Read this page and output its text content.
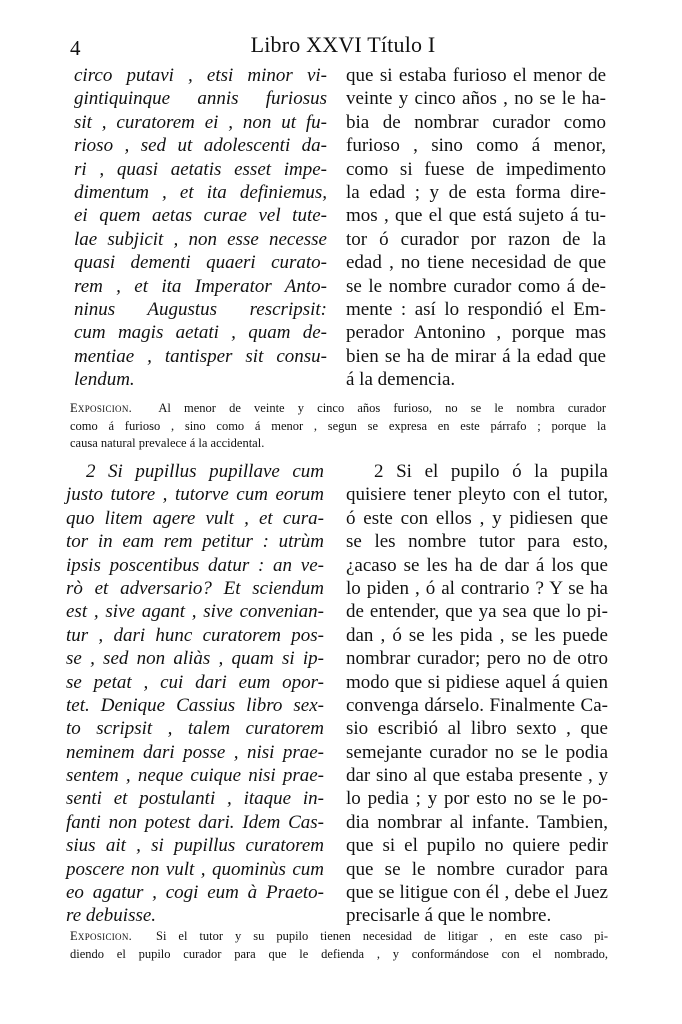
4	Libro XXVI Título I
circo putavi , etsi minor vi-
gintiquinque annis furiosus
sit , curatorem ei , non ut fu-
rioso , sed ut adolescenti da-
ri , quasi aetatis esset impe-
dimentum , et ita definiemus,
ei quem aetas curae vel tute-
lae subjicit , non esse necesse
quasi dementi quaeri curato-
rem , et ita Imperator Anto-
ninus Augustus rescripsit:
cum magis aetati , quam de-
mentiae , tantisper sit consu-
lendum.
que si estaba furioso el menor de
veinte y cinco años , no se le ha-
bia de nombrar curador como
furioso , sino como á menor,
como si fuese de impedimento
la edad ; y de esta forma dire-
mos , que el que está sujeto á tu-
tor ó curador por razon de la
edad , no tiene necesidad de que
se le nombre curador como á de-
mente : así lo respondió el Em-
perador Antonino , porque mas
bien se ha de mirar á la edad que
á la demencia.
Exposicion. Al menor de veinte y cinco años furioso, no se le nombra curador
como á furioso , sino como á menor , segun se expresa en este párrafo ; porque la
causa natural prevalece á la accidental.
2 Si pupillus pupillave cum
justo tutore , tutorve cum eorum
quo litem agere vult , et cura-
tor in eam rem petitur : utrùm
ipsis poscentibus datur : an ve-
rò et adversario? Et sciendum
est , sive agant , sive convenian-
tur , dari hunc curatorem pos-
se , sed non aliàs , quam si ip-
se petat , cui dari eum opor-
tet. Denique Cassius libro sex-
to scripsit , talem curatorem
neminem dari posse , nisi prae-
sentem , neque cuique nisi prae-
senti et postulanti , itaque in-
fanti non potest dari. Idem Cas-
sius ait , si pupillus curatorem
poscere non vult , quominùs cum
eo agatur , cogi eum à Praeto-
re debuisse.
2 Si el pupilo ó la pupila
quisiere tener pleyto con el tutor,
ó este con ellos , y pidiesen que
se les nombre tutor para esto,
¿acaso se les ha de dar á los que
lo piden , ó al contrario ? Y se ha
de entender, que ya sea que lo pi-
dan , ó se les pida , se les puede
nombrar curador; pero no de otro
modo que si pidiese aquel á quien
convenga dárselo. Finalmente Ca-
sio escribió al libro sexto , que
semejante curador no se le podia
dar sino al que estaba presente , y
lo pedia ; y por esto no se le po-
dia nombrar al infante. Tambien,
que si el pupilo no quiere pedir
que se le nombre curador para
que se litigue con él , debe el Juez
precisarle á que le nombre.
Exposicion. Si el tutor y su pupilo tienen necesidad de litigar , en este caso pi-
diendo el pupilo curador para que le defienda , y conformándose con el nombrado,
